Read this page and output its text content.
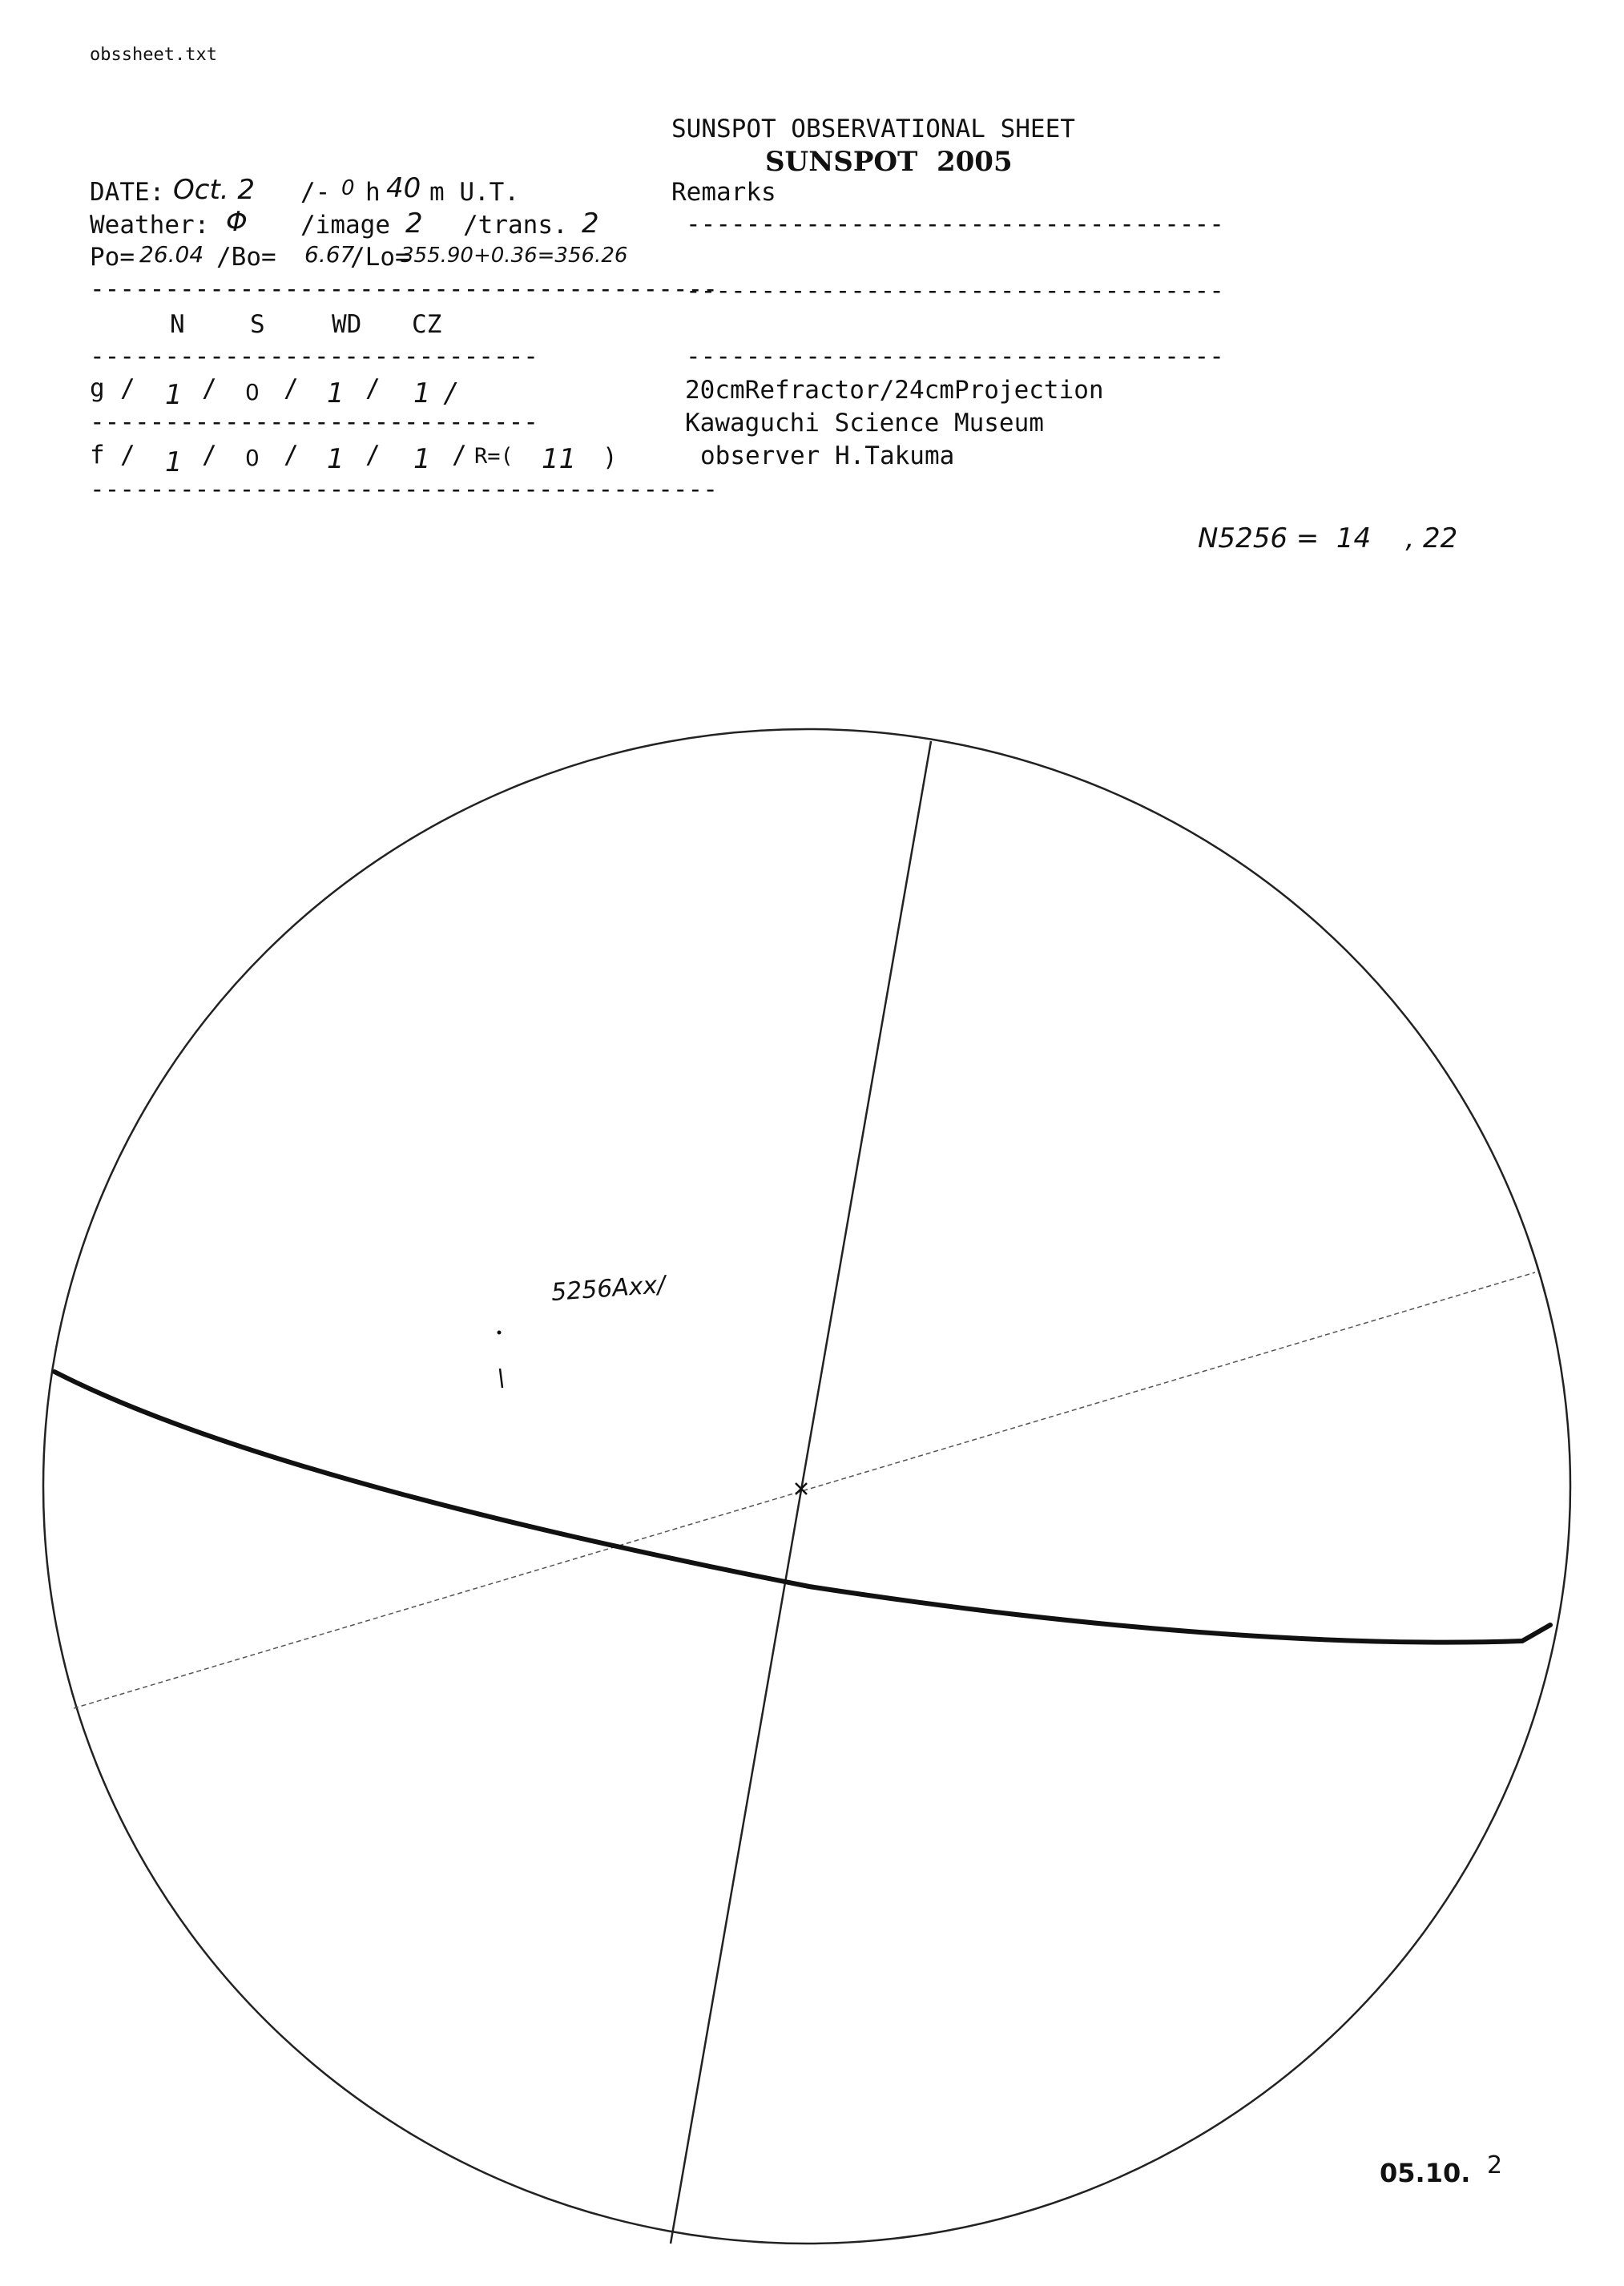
obssheet.txt
SUNSPOT OBSERVATIONAL SHEET
SUNSPOT  2005
DATE: Oct. 2 /- 0 h 40 m U.T.
Weather: Φ /image 2 /trans. 2
Po= 26.04 /Bo= 6.67
/Lo=
355.90+0.36=356.26
------------------------------------------
N	S	WD CZ
------------------------------
g / 1 / 0 / 1 / 1 /
------------------------------
f / 1 / 0 / 1 / 1 / R=( 11 )
------------------------------------------
Remarks
------------------------------------
------------------------------------
------------------------------------
20cmRefractor/24cmProjection
Kawaguchi Science Museum
observer H.Takuma
N5256 =  14    , 22
5256Axx/
05.10. 2
